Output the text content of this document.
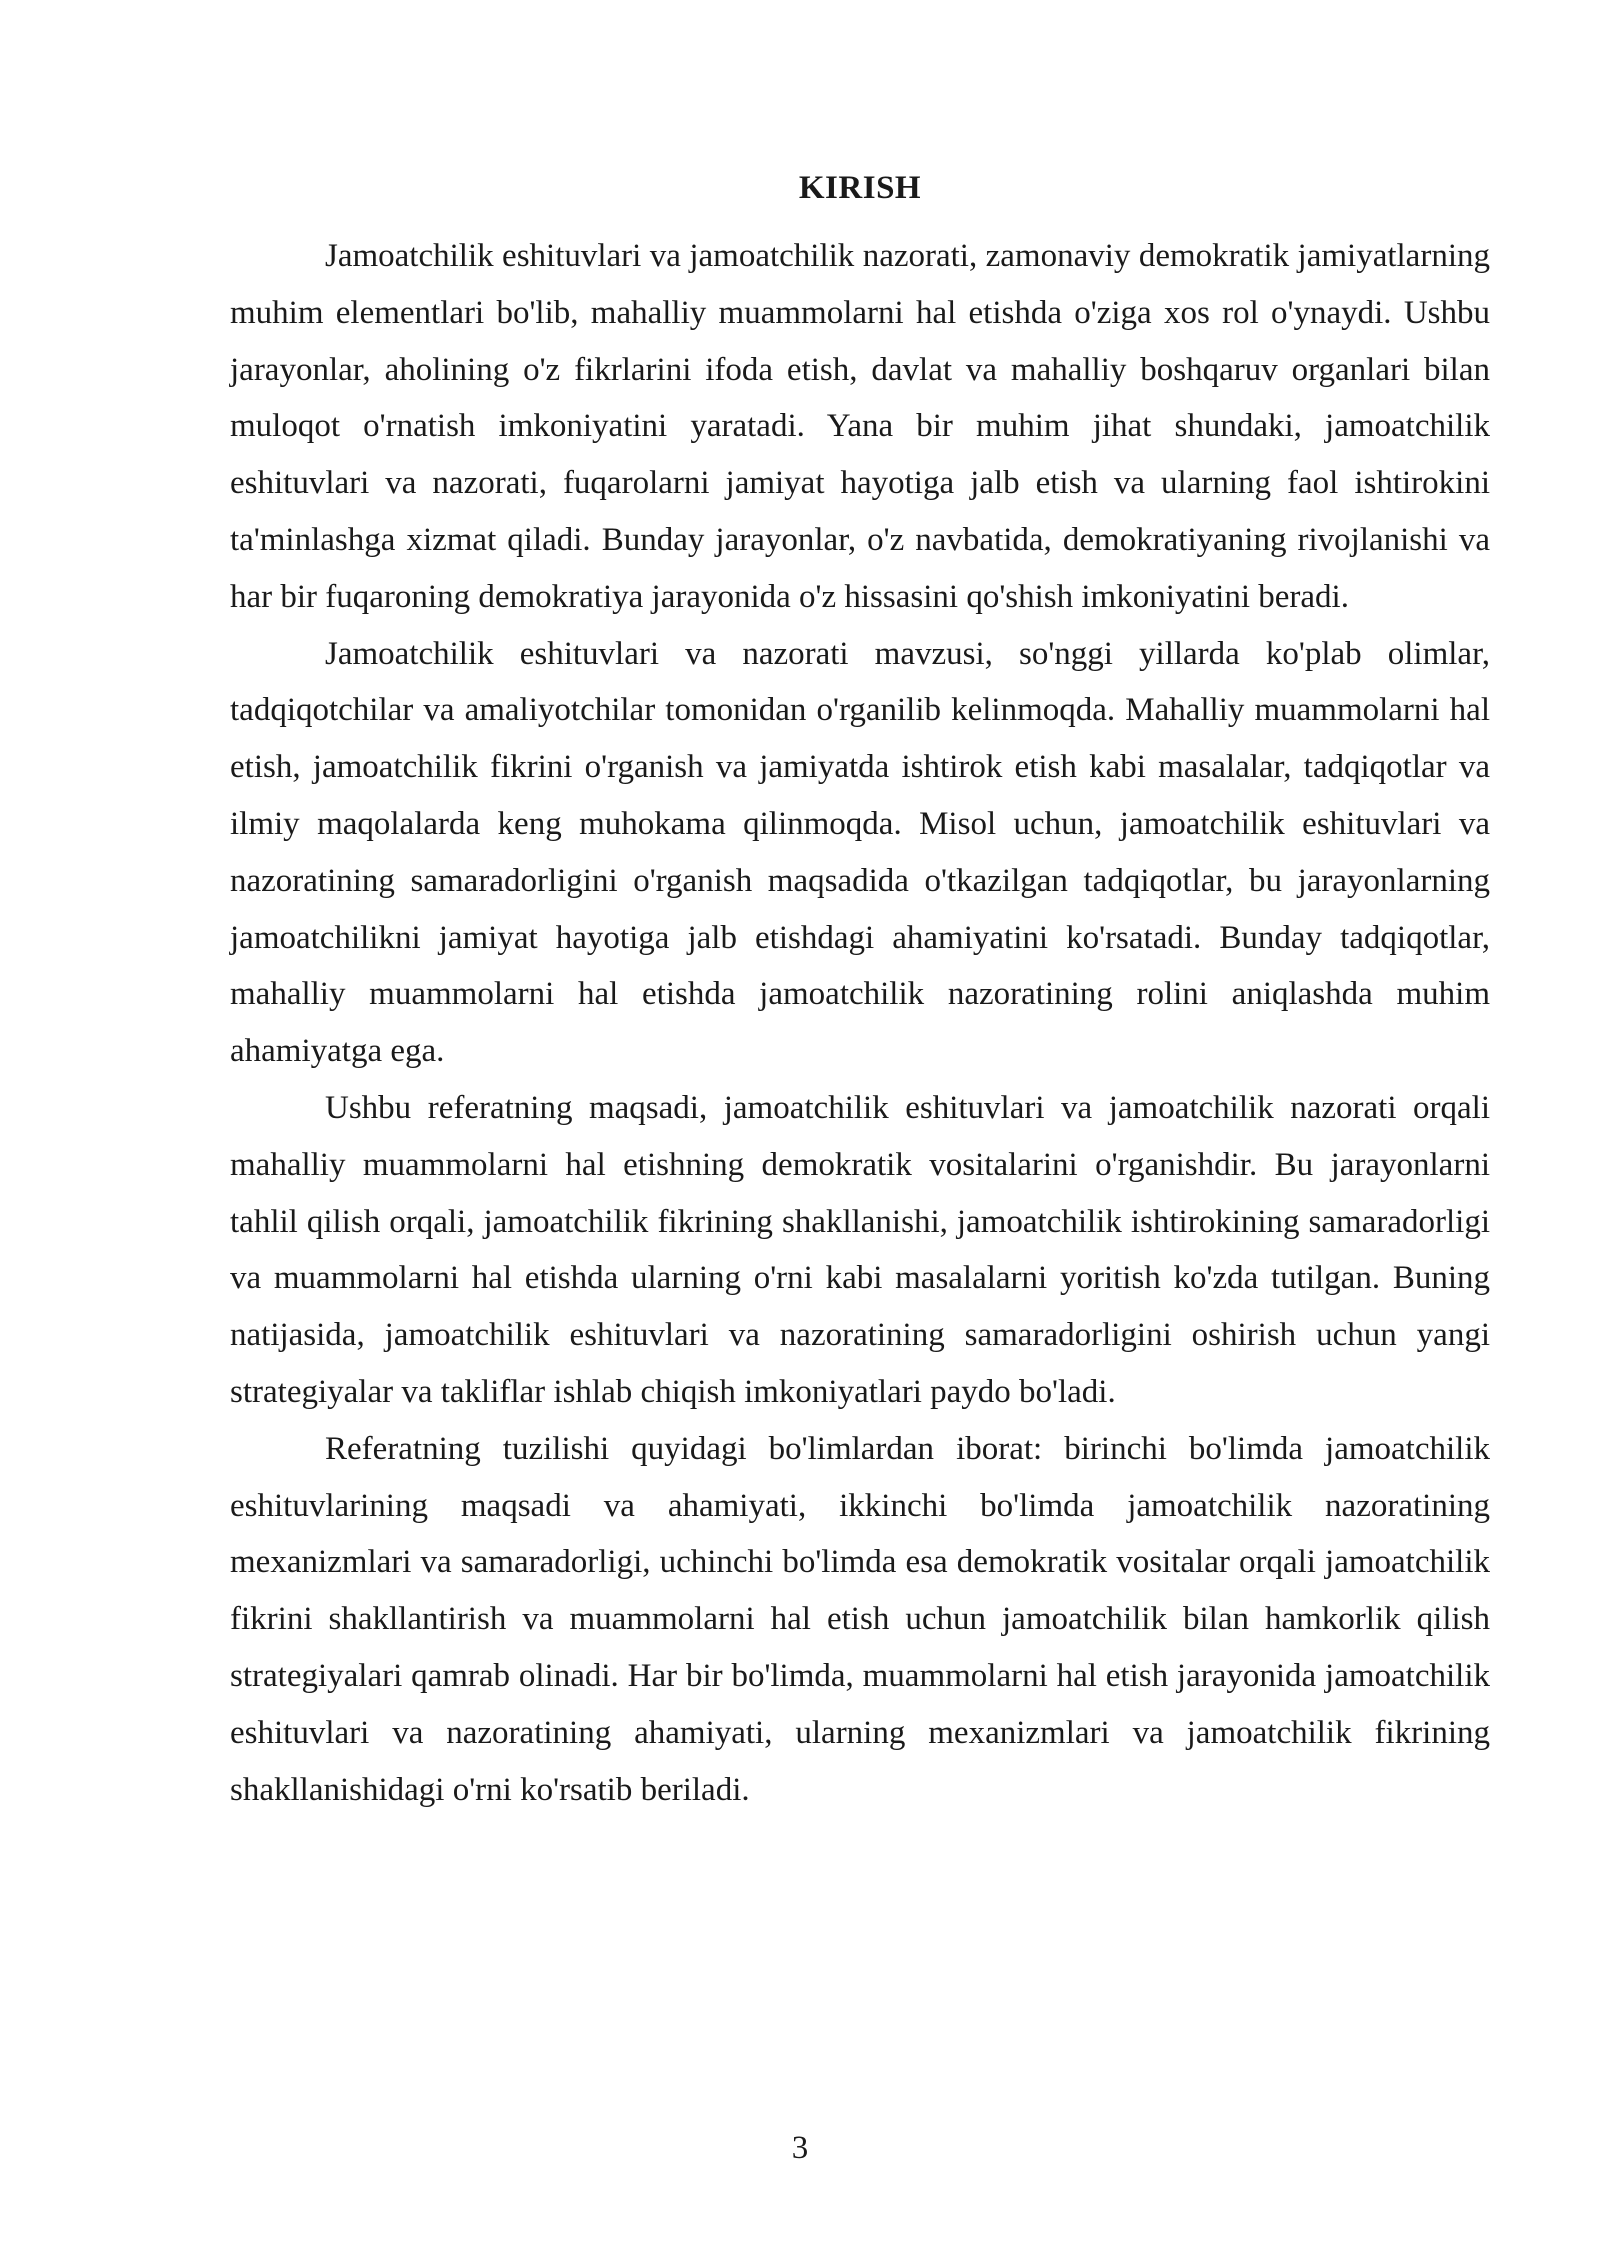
KIRISH

Jamoatchilik eshituvlari va jamoatchilik nazorati, zamonaviy demokratik jamiyatlarning muhim elementlari bo'lib, mahalliy muammolarni hal etishda o'ziga xos rol o'ynaydi. Ushbu jarayonlar, aholining o'z fikrlarini ifoda etish, davlat va mahalliy boshqaruv organlari bilan muloqot o'rnatish imkoniyatini yaratadi. Yana bir muhim jihat shundaki, jamoatchilik eshituvlari va nazorati, fuqarolarni jamiyat hayotiga jalb etish va ularning faol ishtirokini ta'minlashga xizmat qiladi. Bunday jarayonlar, o'z navbatida, demokratiyaning rivojlanishi va har bir fuqaroning demokratiya jarayonida o'z hissasini qo'shish imkoniyatini beradi.

Jamoatchilik eshituvlari va nazorati mavzusi, so'nggi yillarda ko'plab olimlar, tadqiqotchilar va amaliyotchilar tomonidan o'rganilib kelinmoqda. Mahalliy muammolarni hal etish, jamoatchilik fikrini o'rganish va jamiyatda ishtirok etish kabi masalalar, tadqiqotlar va ilmiy maqolalarda keng muhokama qilinmoqda. Misol uchun, jamoatchilik eshituvlari va nazoratining samaradorligini o'rganish maqsadida o'tkazilgan tadqiqotlar, bu jarayonlarning jamoatchilikni jamiyat hayotiga jalb etishdagi ahamiyatini ko'rsatadi. Bunday tadqiqotlar, mahalliy muammolarni hal etishda jamoatchilik nazoratining rolini aniqlashda muhim ahamiyatga ega.

Ushbu referatning maqsadi, jamoatchilik eshituvlari va jamoatchilik nazorati orqali mahalliy muammolarni hal etishning demokratik vositalarini o'rganishdir. Bu jarayonlarni tahlil qilish orqali, jamoatchilik fikrining shakllanishi, jamoatchilik ishtirokining samaradorligi va muammolarni hal etishda ularning o'rni kabi masalalarni yoritish ko'zda tutilgan. Buning natijasida, jamoatchilik eshituvlari va nazoratining samaradorligini oshirish uchun yangi strategiyalar va takliflar ishlab chiqish imkoniyatlari paydo bo'ladi.

Referatning tuzilishi quyidagi bo'limlardan iborat: birinchi bo'limda jamoatchilik eshituvlarining maqsadi va ahamiyati, ikkinchi bo'limda jamoatchilik nazoratining mexanizmlari va samaradorligi, uchinchi bo'limda esa demokratik vositalar orqali jamoatchilik fikrini shakllantirish va muammolarni hal etish uchun jamoatchilik bilan hamkorlik qilish strategiyalari qamrab olinadi. Har bir bo'limda, muammolarni hal etish jarayonida jamoatchilik eshituvlari va nazoratining ahamiyati, ularning mexanizmlari va jamoatchilik fikrining shakllanishidagi o'rni ko'rsatib beriladi.

3
